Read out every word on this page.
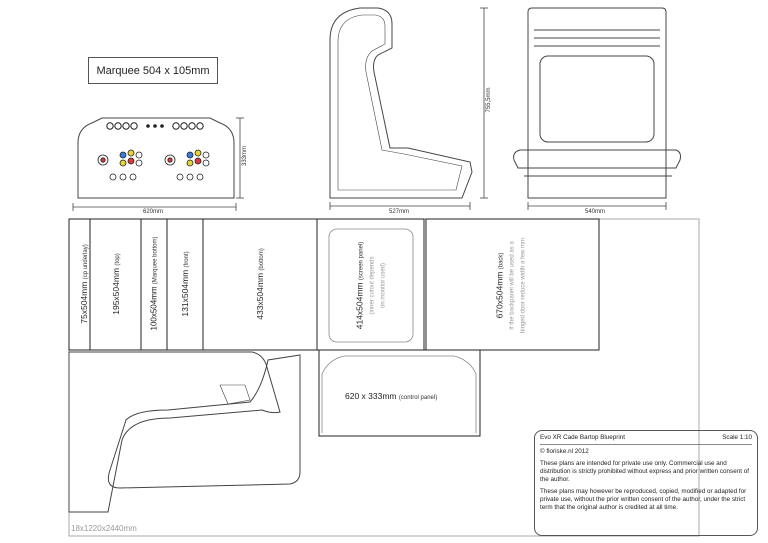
Marquee 504 x 105mm
620mm
333mm
527mm
755,5mm
540mm
75x504mm (cp underlay)
195x504mm (top)
100x504mm (Marquee bottom)
131x504mm (front)
433x504mm (bottom)
414x504mm (screen panel) (inner cutout depends on monitor used)	670x504mm (back) If the backpanel will be used as a hinged door reduce width a few mm
620 x 333mm (control panel)
18x1220x2440mm
Evo XR Cade Bartop Blueprint	Scale 1:10

© floriske.nl 2012

These plans are intended for private use only. Commercial use and distribution is strictly prohibited without express and prior written consent of the author.

These plans may however be reproduced, copied, modified or adapted for private use, without the prior written consent of the author, under the strict term that the original author is credited at all time.
